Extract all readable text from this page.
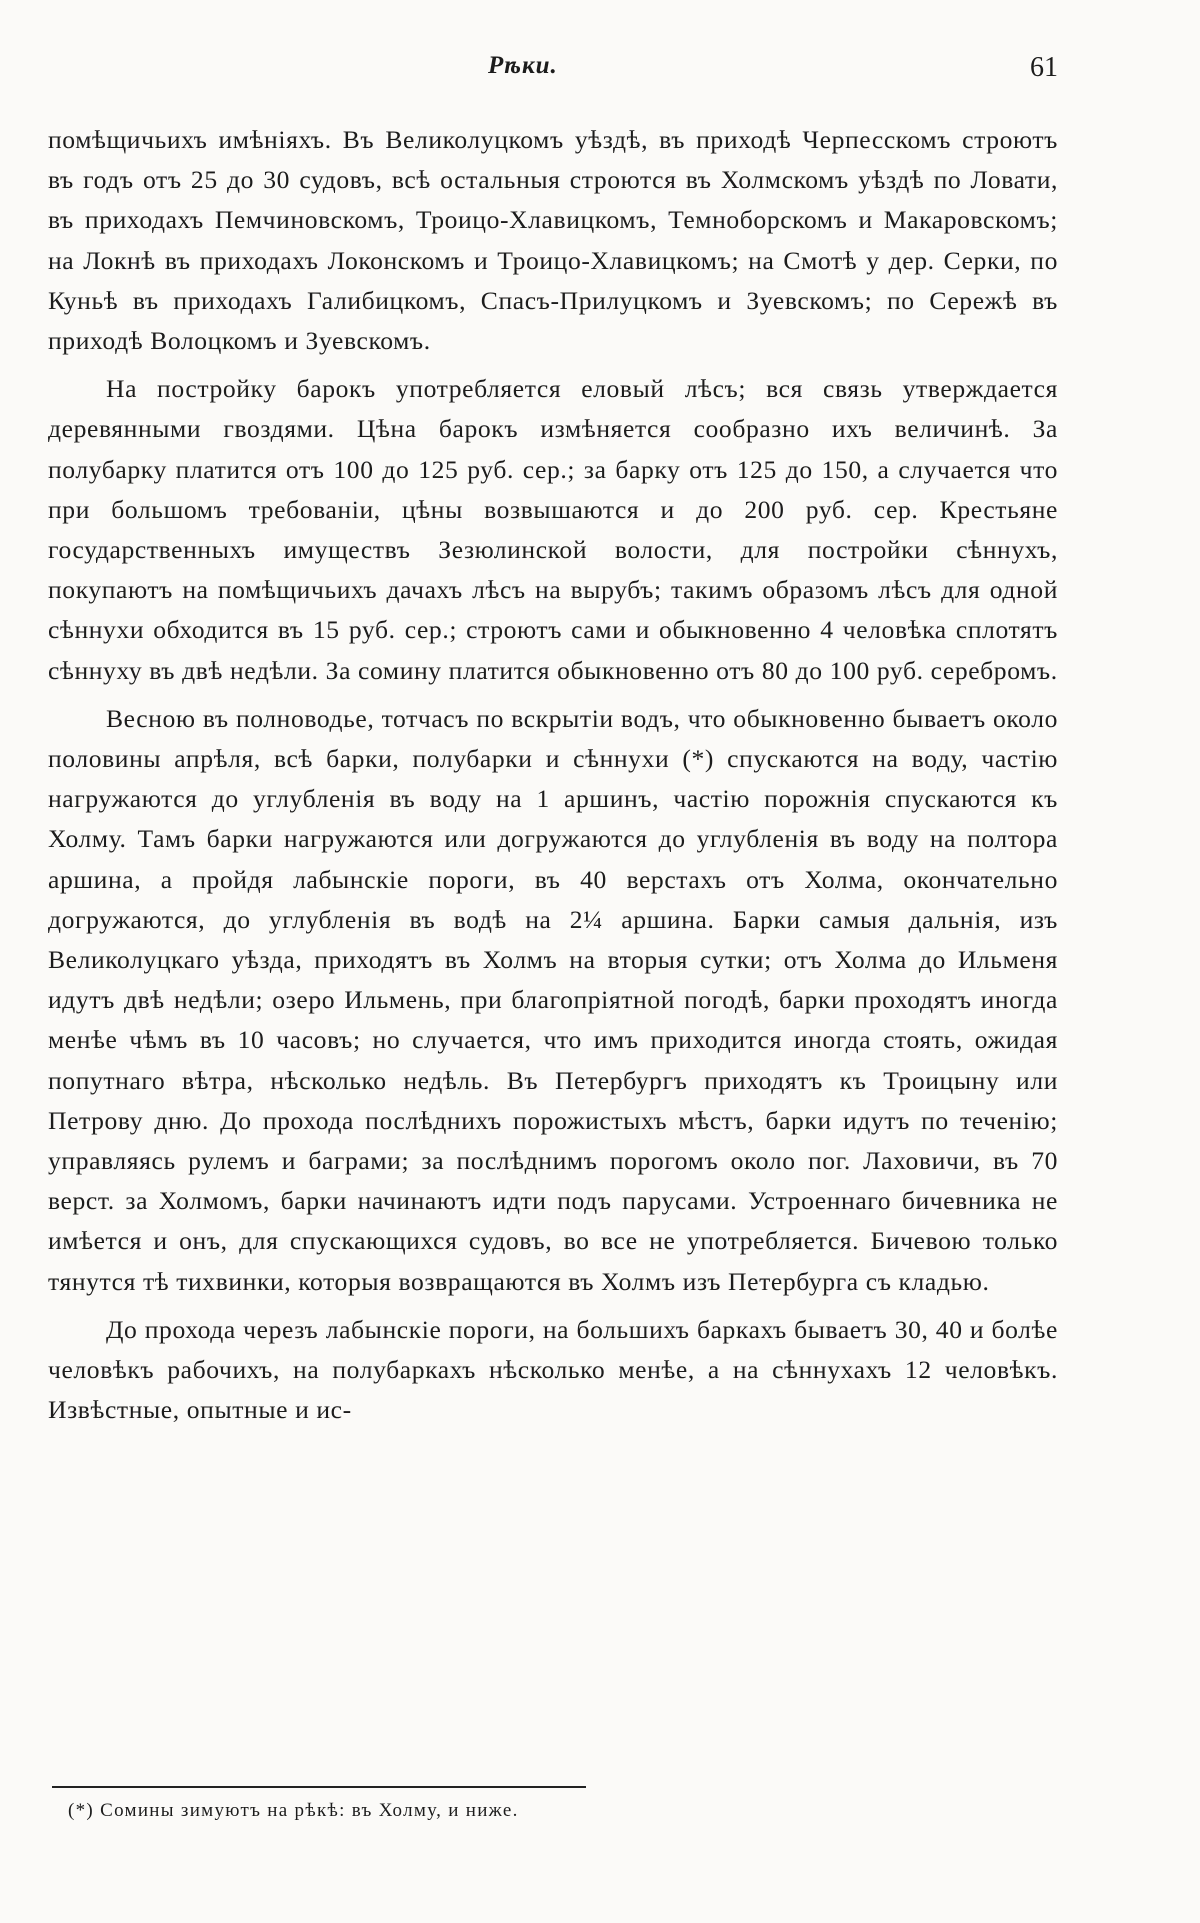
Рѣки.	61

помѣщичьихъ имѣніяхъ. Въ Великолуцкомъ уѣздѣ, въ приходѣ Черпесскомъ строютъ въ годъ отъ 25 до 30 судовъ, всѣ остальныя строются въ Холмскомъ уѣздѣ по Ловати, въ приходахъ Пемчиновскомъ, Троицо-Хлавицкомъ, Темноборскомъ и Макаровскомъ; на Локнѣ въ приходахъ Локонскомъ и Троицо-Хлавицкомъ; на Смотѣ у дер. Серки, по Куньѣ въ приходахъ Галибицкомъ, Спасъ-Прилуцкомъ и Зуевскомъ; по Сережѣ въ приходѣ Волоцкомъ и Зуевскомъ.

На постройку барокъ употребляется еловый лѣсъ; вся связь утверждается деревянными гвоздями. Цѣна барокъ измѣняется сообразно ихъ величинѣ. За полубарку платится отъ 100 до 125 руб. сер.; за барку отъ 125 до 150, а случается что при большомъ требованіи, цѣны возвышаются и до 200 руб. сер. Крестьяне государственныхъ имуществъ Зезюлинской волости, для постройки сѣннухъ, покупаютъ на помѣщичьихъ дачахъ лѣсъ на вырубъ; такимъ образомъ лѣсъ для одной сѣннухи обходится въ 15 руб. сер.; строютъ сами и обыкновенно 4 человѣка сплотятъ сѣннуху въ двѣ недѣли. За сомину платится обыкновенно отъ 80 до 100 руб. серебромъ.

Весною въ полноводье, тотчасъ по вскрытіи водъ, что обыкновенно бываетъ около половины апрѣля, всѣ барки, полубарки и сѣннухи (*) спускаются на воду, частію нагружаются до углубленія въ воду на 1 аршинъ, частію порожнія спускаются къ Холму. Тамъ барки нагружаются или догружаются до углубленія въ воду на полтора аршина, а пройдя лабынскіе пороги, въ 40 верстахъ отъ Холма, окончательно догружаются, до углубленія въ водѣ на 2¼ аршина. Барки самыя дальнія, изъ Великолуцкаго уѣзда, приходятъ въ Холмъ на вторыя сутки; отъ Холма до Ильменя идутъ двѣ недѣли; озеро Ильмень, при благопріятной погодѣ, барки проходятъ иногда менѣе чѣмъ въ 10 часовъ; но случается, что имъ приходится иногда стоять, ожидая попутнаго вѣтра, нѣсколько недѣль. Въ Петербургъ приходятъ къ Троицыну или Петрову дню. До прохода послѣднихъ порожистыхъ мѣстъ, барки идутъ по теченію; управляясь рулемъ и баграми; за послѣднимъ порогомъ около пог. Лаховичи, въ 70 верст. за Холмомъ, барки начинаютъ идти подъ парусами. Устроеннаго бичевника не имѣется и онъ, для спускающихся судовъ, во все не употребляется. Бичевою только тянутся тѣ тихвинки, которыя возвращаются въ Холмъ изъ Петербурга съ кладью.

До прохода черезъ лабынскіе пороги, на большихъ баркахъ бываетъ 30, 40 и болѣе человѣкъ рабочихъ, на полубаркахъ нѣсколько менѣе, а на сѣннухахъ 12 человѣкъ. Извѣстные, опытные и ис-

(*) Сомины зимуютъ на рѣкѣ: въ Холму, и ниже.
